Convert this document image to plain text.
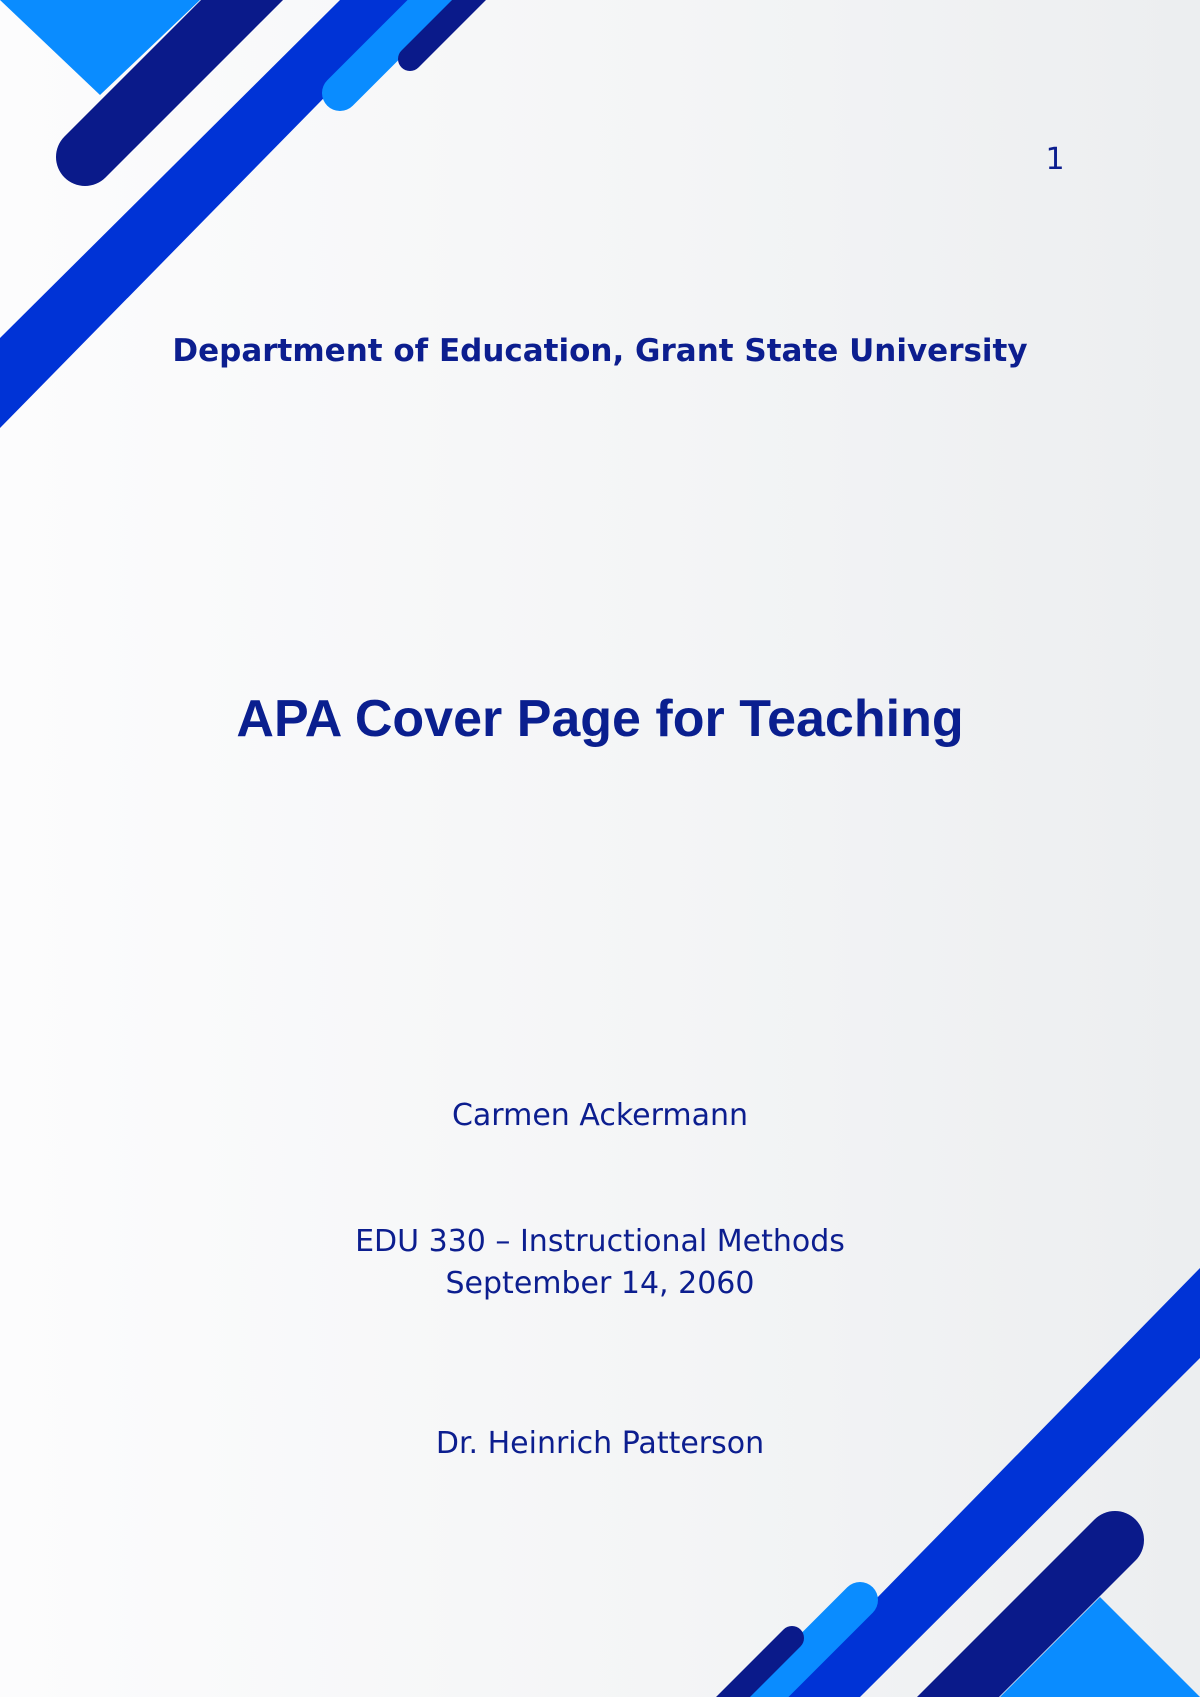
1
Department of Education, Grant State University
APA Cover Page for Teaching
Carmen Ackermann
EDU 330 – Instructional Methods
September 14, 2060
Dr. Heinrich Patterson
